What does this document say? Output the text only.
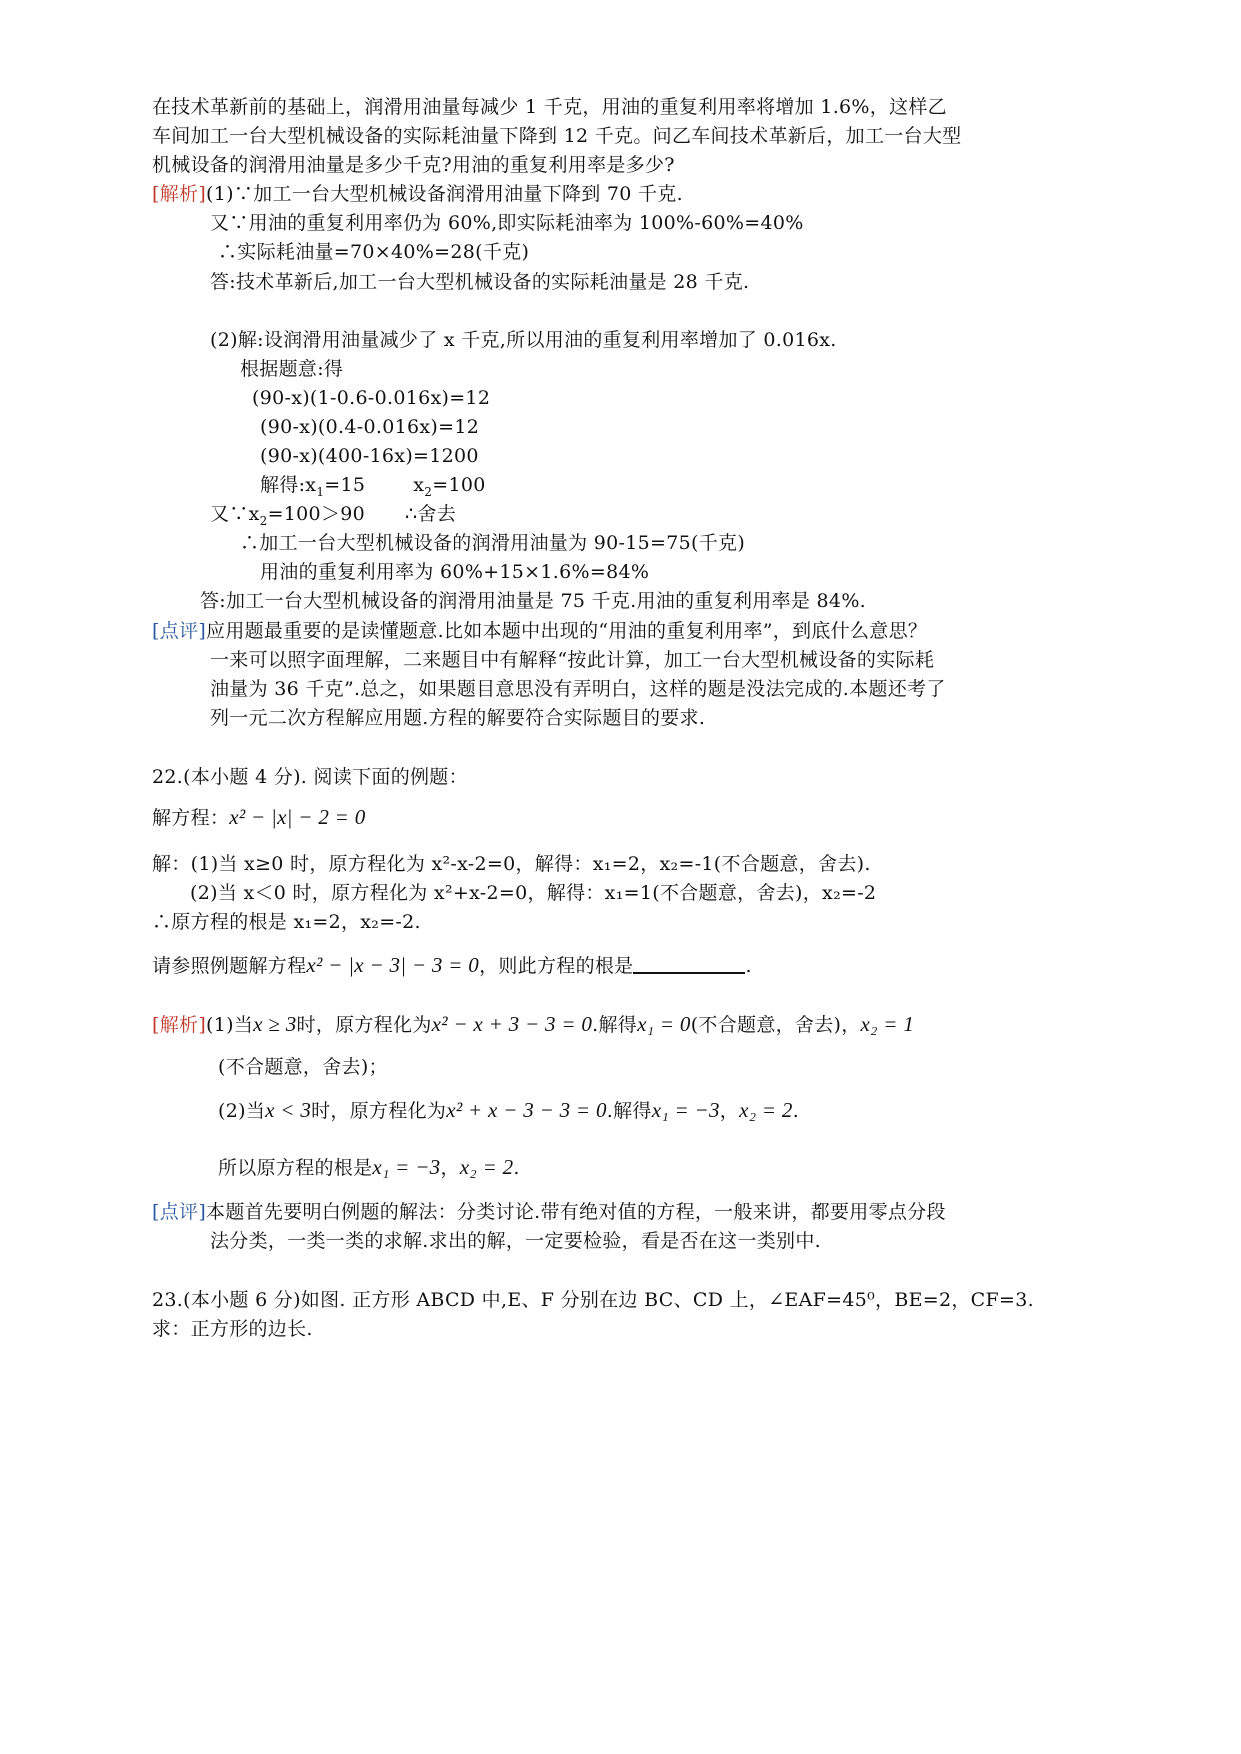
在技术革新前的基础上，润滑用油量每减少 1 千克，用油的重复利用率将增加 1.6%，这样乙
车间加工一台大型机械设备的实际耗油量下降到 12 千克。问乙车间技术革新后，加工一台大型
机械设备的润滑用油量是多少千克?用油的重复利用率是多少?
[解析](1)∵加工一台大型机械设备润滑用油量下降到 70 千克.
又∵用油的重复利用率仍为 60%,即实际耗油率为 100%-60%=40%
∴实际耗油量=70×40%=28(千克)
答:技术革新后,加工一台大型机械设备的实际耗油量是 28 千克.
(2)解:设润滑用油量减少了 x 千克,所以用油的重复利用率增加了 0.016x.
根据题意:得
(90-x)(1-0.6-0.016x)=12
(90-x)(0.4-0.016x)=12
(90-x)(400-16x)=1200
解得$:x_1=15$	$x_2=100$
又$\because x_2=100>90$ ∴舍去
∴加工一台大型机械设备的润滑用油量为 90-15=75(千克)
用油的重复利用率为 60%+15×1.6%=84%
答:加工一台大型机械设备的润滑用油量是 75 千克.用油的重复利用率是 84%.
[点评]应用题最重要的是读懂题意.比如本题中出现的“用油的重复利用率”，到底什么意思？
一来可以照字面理解，二来题目中有解释“按此计算，加工一台大型机械设备的实际耗
油量为 36 千克”.总之，如果题目意思没有弄明白，这样的题是没法完成的.本题还考了
列一元二次方程解应用题.方程的解要符合实际题目的要求.
22.(本小题 4 分). 阅读下面的例题：
解方程：x² − |x| − 2 = 0
解：(1)当 x≥0 时，原方程化为 x²-x-2=0，解得：x₁=2，x₂=-1(不合题意，舍去).
(2)当 x＜0 时，原方程化为 x²+x-2=0，解得：x₁=1(不合题意，舍去)，x₂=-2
∴原方程的根是 x₁=2，x₂=-2.
请参照例题解方程x² − |x − 3| − 3 = 0，则此方程的根是	.
[解析](1)当x ≥ 3时，原方程化为x² − x + 3 − 3 = 0.解得x₁ = 0(不合题意，舍去)，x₂ = 1
(不合题意，舍去)；
(2)当x < 3时，原方程化为x² + x − 3 − 3 = 0.解得x₁ = −3，x₂ = 2.
所以原方程的根是x₁ = −3，x₂ = 2.
[点评]本题首先要明白例题的解法：分类讨论.带有绝对值的方程，一般来讲，都要用零点分段
法分类，一类一类的求解.求出的解，一定要检验，看是否在这一类别中.
23.(本小题 6 分)如图. 正方形 ABCD 中,E、F 分别在边 BC、CD 上，∠EAF=45⁰，BE=2，CF=3.
求：正方形的边长.
